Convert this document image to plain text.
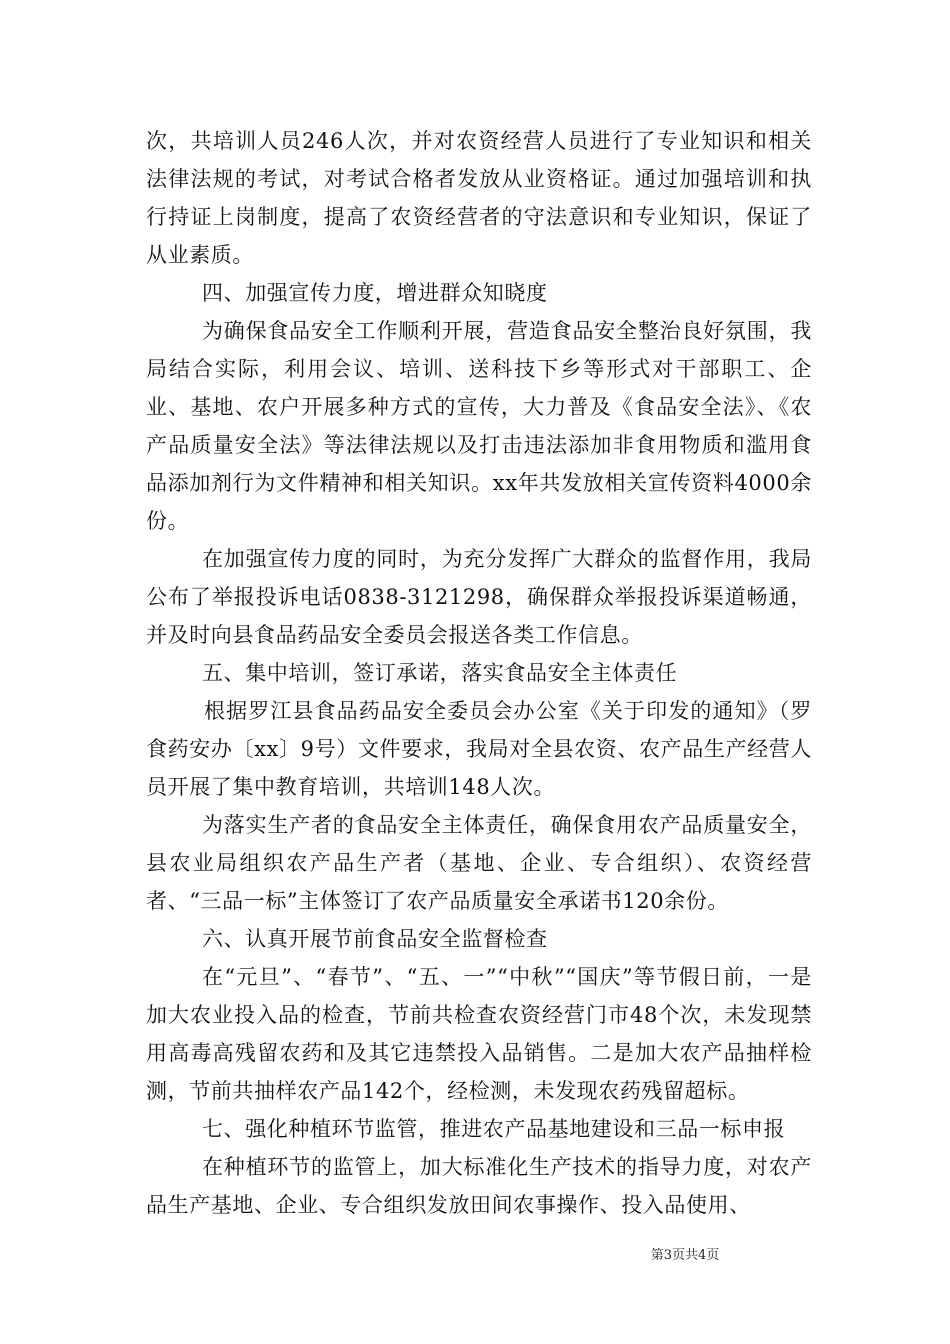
次，共培训人员246人次，并对农资经营人员进行了专业知识和相关法律法规的考试，对考试合格者发放从业资格证。通过加强培训和执行持证上岗制度，提高了农资经营者的守法意识和专业知识，保证了从业素质。

四、加强宣传力度，增进群众知晓度

为确保食品安全工作顺利开展，营造食品安全整治良好氛围，我局结合实际，利用会议、培训、送科技下乡等形式对干部职工、企业、基地、农户开展多种方式的宣传，大力普及《食品安全法》、《农产品质量安全法》等法律法规以及打击违法添加非食用物质和滥用食品添加剂行为文件精神和相关知识。xx年共发放相关宣传资料4000余份。

在加强宣传力度的同时，为充分发挥广大群众的监督作用，我局公布了举报投诉电话0838-3121298，确保群众举报投诉渠道畅通，并及时向县食品药品安全委员会报送各类工作信息。

五、集中培训，签订承诺，落实食品安全主体责任

根据罗江县食品药品安全委员会办公室《关于印发的通知》（罗食药安办〔xx〕9号）文件要求，我局对全县农资、农产品生产经营人员开展了集中教育培训，共培训148人次。

为落实生产者的食品安全主体责任，确保食用农产品质量安全，县农业局组织农产品生产者（基地、企业、专合组织）、农资经营者、“三品一标”主体签订了农产品质量安全承诺书120余份。

六、认真开展节前食品安全监督检查

在“元旦”、“春节”、“五、一”“中秋”“国庆”等节假日前，一是加大农业投入品的检查，节前共检查农资经营门市48个次，未发现禁用高毒高残留农药和及其它违禁投入品销售。二是加大农产品抽样检测，节前共抽样农产品142个，经检测，未发现农药残留超标。

七、强化种植环节监管，推进农产品基地建设和三品一标申报

在种植环节的监管上，加大标准化生产技术的指导力度，对农产品生产基地、企业、专合组织发放田间农事操作、投入品使用、

第3页共4页
